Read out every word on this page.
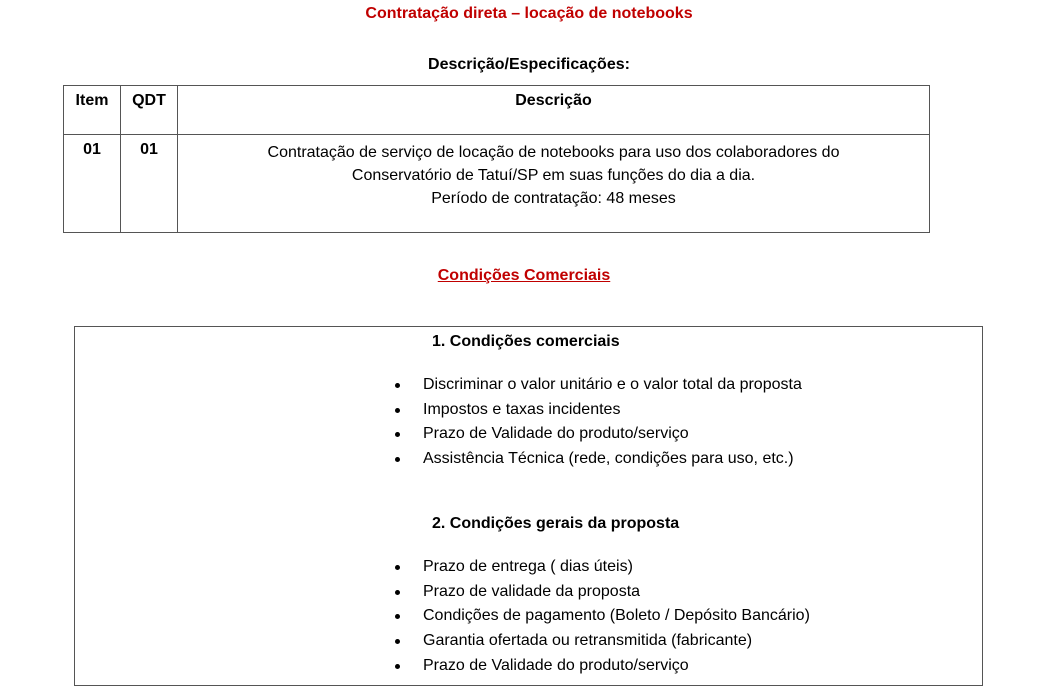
Contratação direta – locação de notebooks
Descrição/Especificações:
Item	QDT	Descrição
01	01	Contratação de serviço de locação de notebooks para uso dos colaboradores do
Conservatório de Tatuí/SP em suas funções do dia a dia.
Período de contratação: 48 meses
Condições Comerciais
1. Condições comerciais
Discriminar o valor unitário e o valor total da proposta
Impostos e taxas incidentes
Prazo de Validade do produto/serviço
Assistência Técnica (rede, condições para uso, etc.)
2. Condições gerais da proposta
Prazo de entrega ( dias úteis)
Prazo de validade da proposta
Condições de pagamento (Boleto / Depósito Bancário)
Garantia ofertada ou retransmitida (fabricante)
Prazo de Validade do produto/serviço
